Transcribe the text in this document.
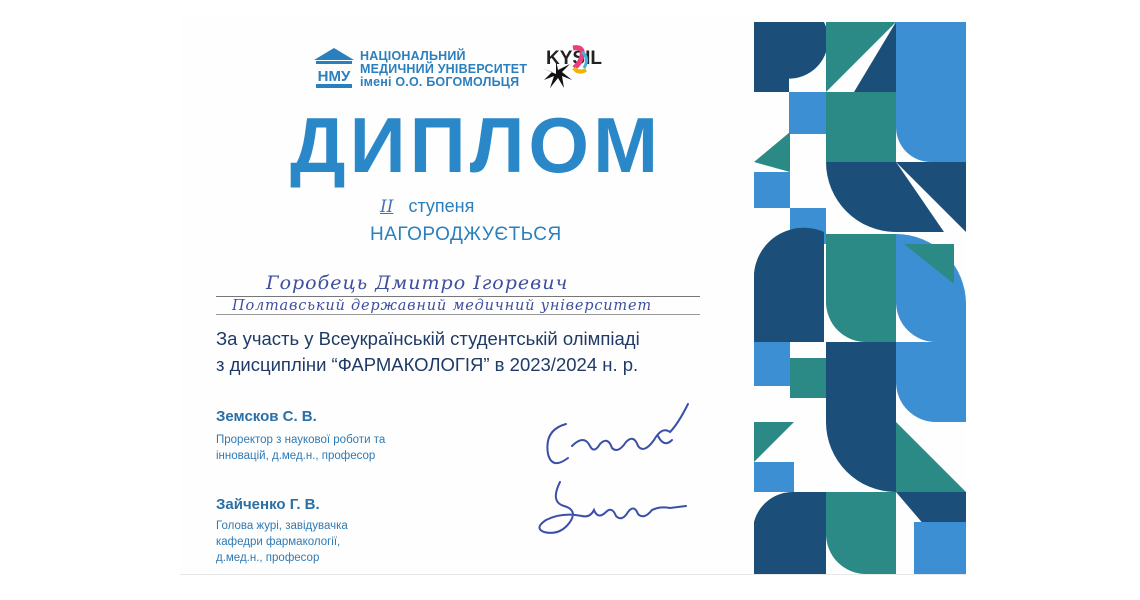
НМУ
НАЦІОНАЛЬНИЙ
МЕДИЧНИЙ УНІВЕРСИТЕТ
імені О.О. БОГОМОЛЬЦЯ
KYSIL
ДИПЛОМ
ІІ ступеня
НАГОРОДЖУЄТЬСЯ
Горобець Дмитро Ігоревич
Полтавський державний медичний університет
За участь у Всеукраїнській студентській олімпіаді
з дисципліни “ФАРМАКОЛОГІЯ” в 2023/2024 н. р.
Земсков С. В.
Проректор з наукової роботи та
інновацій, д.мед.н., професор
Зайченко Г. В.
Голова журі, завідувачка
кафедри фармакології,
д.мед.н., професор
